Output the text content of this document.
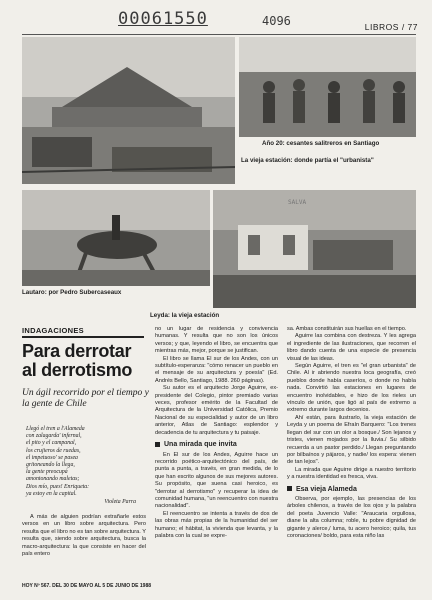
00061550	4096	LIBROS / 77
Año 20: cesantes salitreros en Santiago
La vieja estación: donde partía el "urbanista"
Lautaro: por Pedro Subercaseaux
SALVA
Leyda: la vieja estación
INDAGACIONES
Para derrotar al derrotismo
Un ágil recorrido por el tiempo y la gente de Chile
Llegó el tren a l'Alameda
con zalagarda' infernal,
el pito y el campanal,
los crujieros de ruedas,
el impetuoso' se pasea
gritoneando la llega,
la gente preocupá
amontonando maletas;
Dios mío, pues! Enriqueta:
ya estoy en la capital.
Violeta Parra

A más de alguien podrían extrañarle estos versos en un libro sobre arquitectura. Pero resulta que el libro no es tan sobre arquitectura. Y resulta que, siendo sobre arquitectura, busca la macro-arquitectura: la que consiste en hacer del país entero

no un lugar de residencia y convivencia humanas. Y resulta que no son los únicos versos; y que, leyendo el libro, se encuentra que mientras más, mejor, porque se justifican.

El libro se llama El sur de los Andes, con un subtítulo-esperanza: "cómo renacer un pueblo en el mensaje de su arquitectura y poesía" (Ed. Andrés Bello, Santiago, 1988. 260 páginas).

Su autor es el arquitecto Jorge Aguirre, ex-presidente del Colegio, pintor premiado varias veces, profesor emérito de la Facultad de Arquitectura de la Universidad Católica, Premio Nacional de su especialidad y autor de un libro anterior, Atlas de Santiago: esplendor y decadencia de tu arquitectura y tu paisaje.

Una mirada que invita

En El sur de los Andes, Aguirre hace un recorrido poético-arquitectónico del país, de punta a punta, a través, en gran medida, de lo que han escrito algunos de sus mejores autores. Su propósito, que suena casi heroico, es "derrotar al derrotismo" y recuperar la idea de comunidad humana, "un reencuentro con nuestra nacionalidad".

El reencuentro se intenta a través de dos de las obras más propias de la humanidad del ser humano; el hábitat, la vivienda que levanta, y la palabra con la cual se expre-

sa. Ambas constituirán sus huellas en el tiempo.

Aguirre las combina con destreza. Y les agrega el ingrediente de las ilustraciones, que recorren el libro dando cuenta de una especie de presencia visual de las ideas.

Según Aguirre, el tren es "el gran urbanista" de Chile. Al ir abriendo nuestra loca geografía, creó pueblos donde había caseríos, o donde no había nada. Convirtió las estaciones en lugares de encuentro inolvidables, e hizo de los rieles un vínculo de unión, que ligó al país de extremo a extremo durante largos decenios.

Ahí están, para ilustrarlo, la vieja estación de Leyda y un poema de Efraín Barquero: "Los trenes llegan del sur con un olor a bosque./ Son lejanos y tristes, vienen mojados por la lluvia./ Su silbido recuerda a un pastor perdido./ Llegan preguntando por bilbaínos y pájaros, y nadie/ los espera: vienen de tan lejos".

La mirada que Aguirre dirige a nuestro territorio y a nuestra identidad es fresca, viva.

Esa vieja Alameda

Observa, por ejemplo, las presencias de los árboles chilenos, a través de los ojos y la palabra del poeta Juvencio Valle: "Araucaria orgullosa, diane la alta columna; roble, tu pobre dignidad de gigante y alerce,/ luma, tu acero heroico; quila, tus coronaciones/ boldo, para esta niño las

HOY Nº 567. DEL 30 DE MAYO AL 5 DE JUNIO DE 1988
